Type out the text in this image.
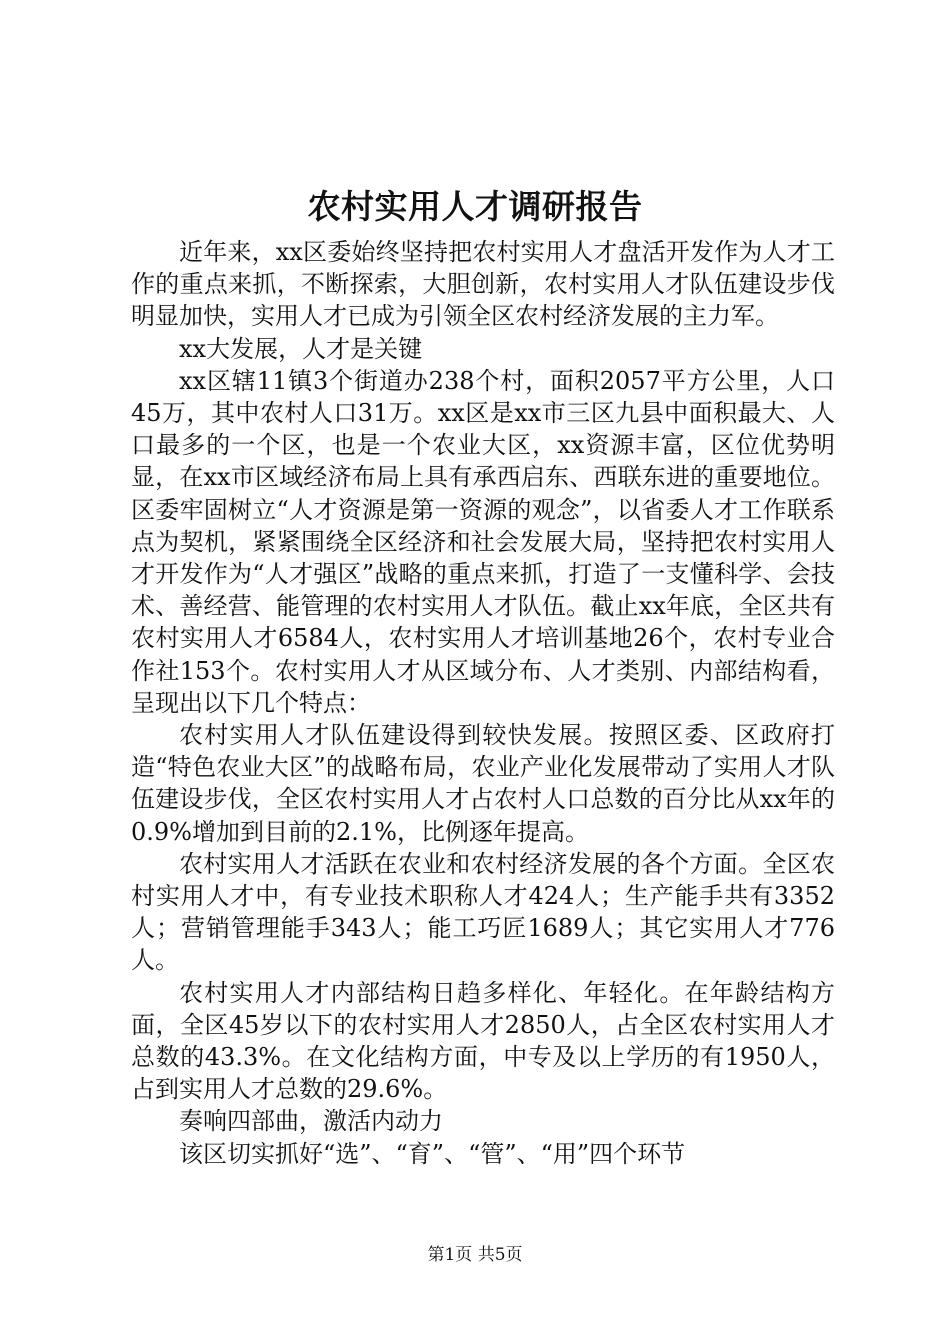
农村实用人才调研报告

近年来，xx区委始终坚持把农村实用人才盘活开发作为人才工作的重点来抓，不断探索，大胆创新，农村实用人才队伍建设步伐明显加快，实用人才已成为引领全区农村经济发展的主力军。

xx大发展，人才是关键

xx区辖11镇3个街道办238个村，面积2057平方公里，人口45万，其中农村人口31万。xx区是xx市三区九县中面积最大、人口最多的一个区，也是一个农业大区，xx资源丰富，区位优势明显，在xx市区域经济布局上具有承西启东、西联东进的重要地位。区委牢固树立“人才资源是第一资源的观念”，以省委人才工作联系点为契机，紧紧围绕全区经济和社会发展大局，坚持把农村实用人才开发作为“人才强区”战略的重点来抓，打造了一支懂科学、会技术、善经营、能管理的农村实用人才队伍。截止xx年底，全区共有农村实用人才6584人，农村实用人才培训基地26个，农村专业合作社153个。农村实用人才从区域分布、人才类别、内部结构看，呈现出以下几个特点：

农村实用人才队伍建设得到较快发展。按照区委、区政府打造“特色农业大区”的战略布局，农业产业化发展带动了实用人才队伍建设步伐，全区农村实用人才占农村人口总数的百分比从xx年的0.9%增加到目前的2.1%，比例逐年提高。

农村实用人才活跃在农业和农村经济发展的各个方面。全区农村实用人才中，有专业技术职称人才424人；生产能手共有3352人；营销管理能手343人；能工巧匠1689人；其它实用人才776人。

农村实用人才内部结构日趋多样化、年轻化。在年龄结构方面，全区45岁以下的农村实用人才2850人，占全区农村实用人才总数的43.3%。在文化结构方面，中专及以上学历的有1950人，占到实用人才总数的29.6%。

奏响四部曲，激活内动力

该区切实抓好“选”、“育”、“管”、“用”四个环节

第1页 共5页
